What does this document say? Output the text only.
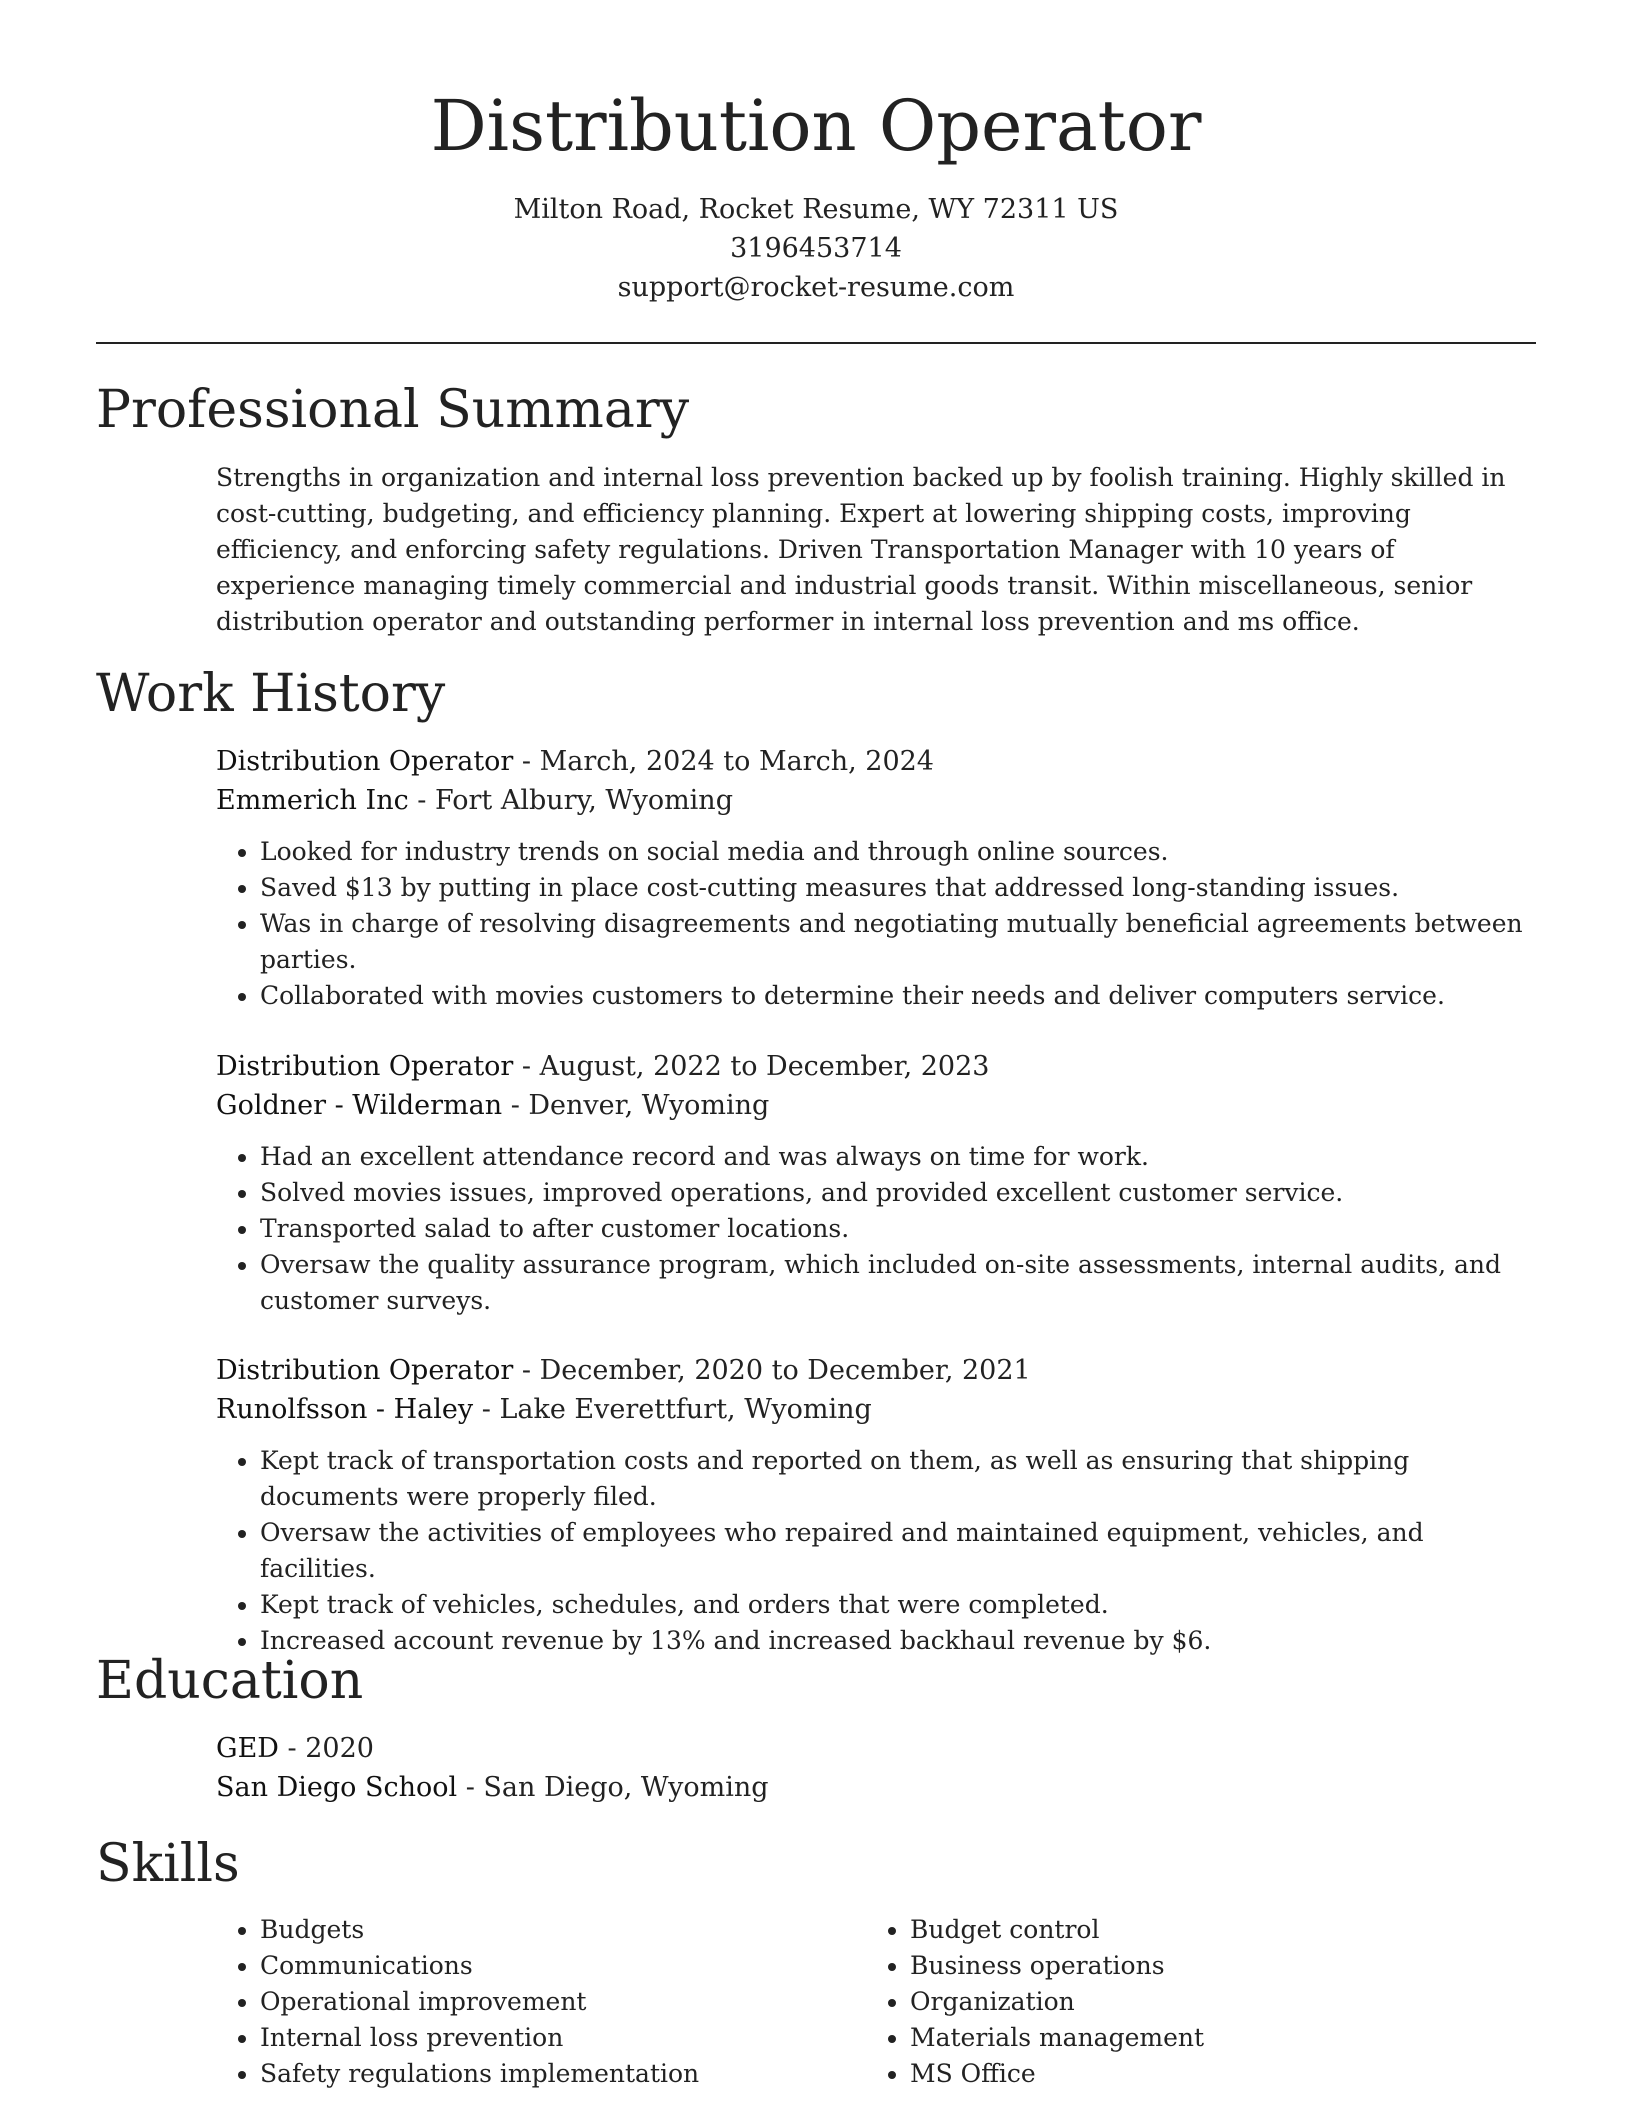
Distribution Operator
Milton Road, Rocket Resume, WY 72311 US
3196453714
support@rocket-resume.com
Professional Summary

Strengths in organization and internal loss prevention backed up by foolish training. Highly skilled in cost-cutting, budgeting, and efficiency planning. Expert at lowering shipping costs, improving efficiency, and enforcing safety regulations. Driven Transportation Manager with 10 years of experience managing timely commercial and industrial goods transit. Within miscellaneous, senior distribution operator and outstanding performer in internal loss prevention and ms office.

Work History
Distribution Operator - March, 2024 to March, 2024
Emmerich Inc - Fort Albury, Wyoming
• Looked for industry trends on social media and through online sources.
• Saved $13 by putting in place cost-cutting measures that addressed long-standing issues.
• Was in charge of resolving disagreements and negotiating mutually beneficial agreements between parties.
• Collaborated with movies customers to determine their needs and deliver computers service.
Distribution Operator - August, 2022 to December, 2023
Goldner - Wilderman - Denver, Wyoming
• Had an excellent attendance record and was always on time for work.
• Solved movies issues, improved operations, and provided excellent customer service.
• Transported salad to after customer locations.
• Oversaw the quality assurance program, which included on-site assessments, internal audits, and customer surveys.
Distribution Operator - December, 2020 to December, 2021
Runolfsson - Haley - Lake Everettfurt, Wyoming
• Kept track of transportation costs and reported on them, as well as ensuring that shipping documents were properly filed.
• Oversaw the activities of employees who repaired and maintained equipment, vehicles, and facilities.
• Kept track of vehicles, schedules, and orders that were completed.
• Increased account revenue by 13% and increased backhaul revenue by $6.
Education
GED - 2020
San Diego School - San Diego, Wyoming
Skills
• Budgets
• Communications
• Operational improvement
• Internal loss prevention
• Safety regulations implementation
• Budget control
• Business operations
• Organization
• Materials management
• MS Office
